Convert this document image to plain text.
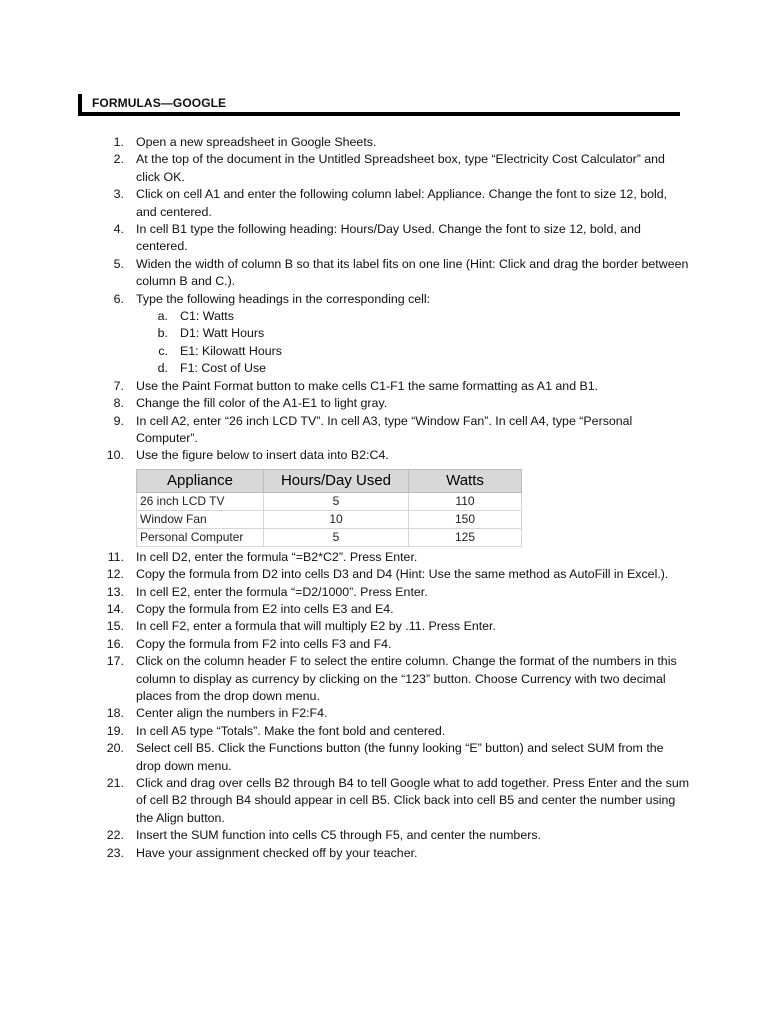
FORMULAS—GOOGLE
1. Open a new spreadsheet in Google Sheets.
2. At the top of the document in the Untitled Spreadsheet box, type “Electricity Cost Calculator” and click OK.
3. Click on cell A1 and enter the following column label: Appliance. Change the font to size 12, bold, and centered.
4. In cell B1 type the following heading: Hours/Day Used. Change the font to size 12, bold, and centered.
5. Widen the width of column B so that its label fits on one line (Hint: Click and drag the border between column B and C.).
6. Type the following headings in the corresponding cell:
a. C1: Watts
b. D1: Watt Hours
c. E1: Kilowatt Hours
d. F1: Cost of Use
7. Use the Paint Format button to make cells C1-F1 the same formatting as A1 and B1.
8. Change the fill color of the A1-E1 to light gray.
9. In cell A2, enter “26 inch LCD TV”. In cell A3, type “Window Fan”. In cell A4, type “Personal Computer”.
10. Use the figure below to insert data into B2:C4.
Appliance	Hours/Day Used	Watts
26 inch LCD TV	5	110
Window Fan	10	150
Personal Computer	5	125
11. In cell D2, enter the formula “=B2*C2”. Press Enter.
12. Copy the formula from D2 into cells D3 and D4 (Hint: Use the same method as AutoFill in Excel.).
13. In cell E2, enter the formula “=D2/1000”. Press Enter.
14. Copy the formula from E2 into cells E3 and E4.
15. In cell F2, enter a formula that will multiply E2 by .11. Press Enter.
16. Copy the formula from F2 into cells F3 and F4.
17. Click on the column header F to select the entire column. Change the format of the numbers in this column to display as currency by clicking on the “123” button. Choose Currency with two decimal places from the drop down menu.
18. Center align the numbers in F2:F4.
19. In cell A5 type “Totals”. Make the font bold and centered.
20. Select cell B5. Click the Functions button (the funny looking “E” button) and select SUM from the drop down menu.
21. Click and drag over cells B2 through B4 to tell Google what to add together. Press Enter and the sum of cell B2 through B4 should appear in cell B5. Click back into cell B5 and center the number using the Align button.
22. Insert the SUM function into cells C5 through F5, and center the numbers.
23. Have your assignment checked off by your teacher.
